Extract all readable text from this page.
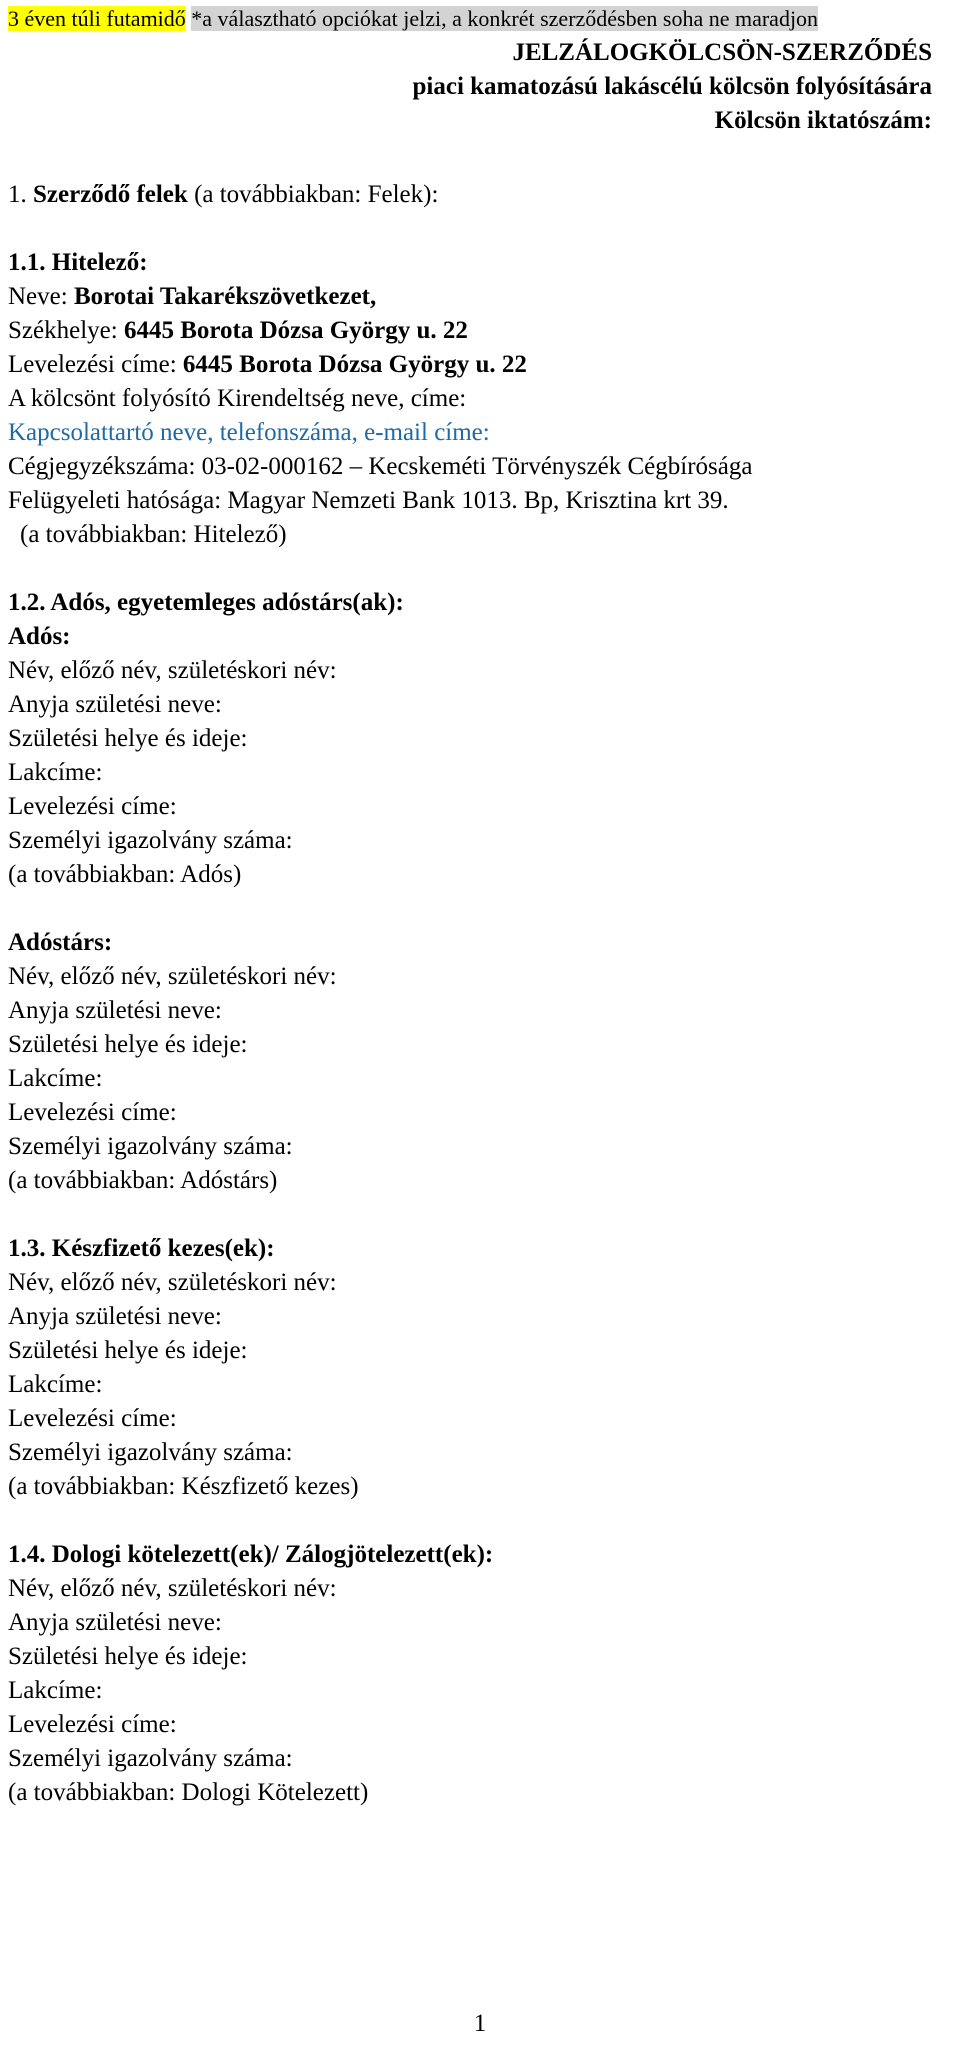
3 éven túli futamidő *a választható opciókat jelzi, a konkrét szerződésben soha ne maradjon
JELZÁLOGKÖLCSÖN-SZERZŐDÉS
piaci kamatozású lakáscélú kölcsön folyósítására
Kölcsön iktatószám:
1. Szerződő felek (a továbbiakban: Felek):
1.1. Hitelező:
Neve: Borotai Takarékszövetkezet,
Székhelye: 6445 Borota Dózsa György u. 22
Levelezési címe: 6445 Borota Dózsa György u. 22
A kölcsönt folyósító Kirendeltség neve, címe:
Kapcsolattartó neve, telefonszáma, e-mail címe:
Cégjegyzékszáma: 03-02-000162 – Kecskeméti Törvényszék Cégbírósága
Felügyeleti hatósága: Magyar Nemzeti Bank 1013. Bp, Krisztina krt 39.
(a továbbiakban: Hitelező)
1.2. Adós, egyetemleges adóstárs(ak):
Adós:
Név, előző név, születéskori név:
Anyja születési neve:
Születési helye és ideje:
Lakcíme:
Levelezési címe:
Személyi igazolvány száma:
(a továbbiakban: Adós)
Adóstárs:
Név, előző név, születéskori név:
Anyja születési neve:
Születési helye és ideje:
Lakcíme:
Levelezési címe:
Személyi igazolvány száma:
(a továbbiakban: Adóstárs)
1.3. Készfizető kezes(ek):
Név, előző név, születéskori név:
Anyja születési neve:
Születési helye és ideje:
Lakcíme:
Levelezési címe:
Személyi igazolvány száma:
(a továbbiakban: Készfizető kezes)
1.4. Dologi kötelezett(ek)/ Zálogjötelezett(ek):
Név, előző név, születéskori név:
Anyja születési neve:
Születési helye és ideje:
Lakcíme:
Levelezési címe:
Személyi igazolvány száma:
(a továbbiakban: Dologi Kötelezett)
1
